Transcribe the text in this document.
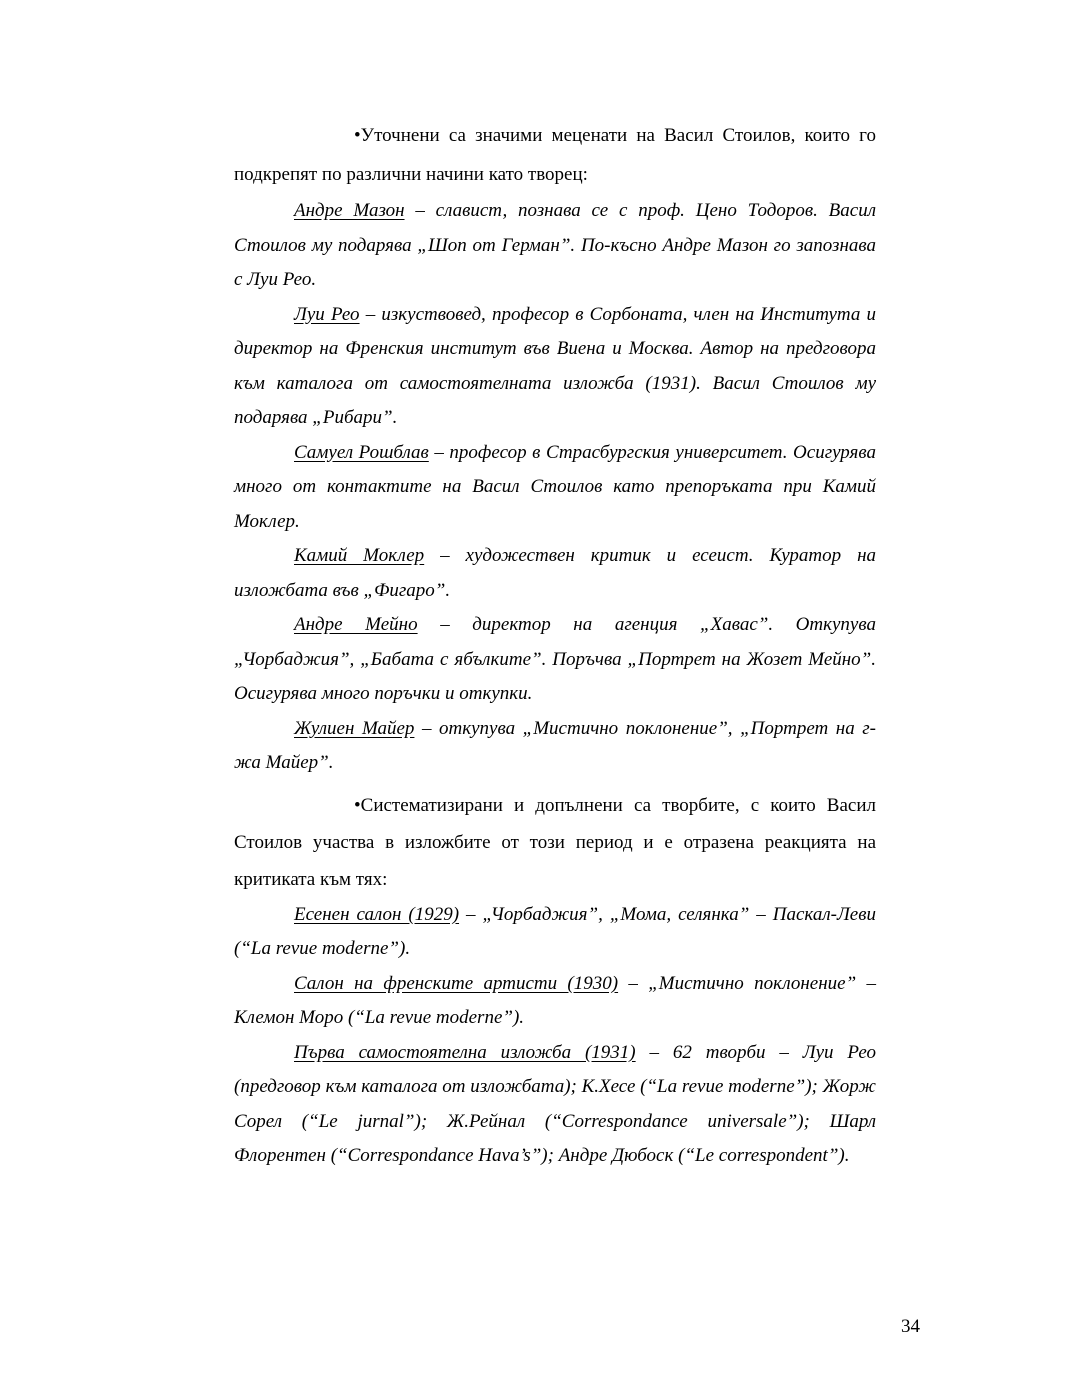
•Уточнени са значими меценати на Васил Стоилов, които го подкрепят по различни начини като творец:

Андре Мазон – славист, познава се с проф. Цено Тодоров. Васил Стоилов му подарява „Шоп от Герман”. По-късно Андре Мазон го запознава с Луи Рео.

Луи Рео – изкуствовед, професор в Сорбоната, член на Института и директор на Френския институт във Виена и Москва. Автор на предговора към каталога от самостоятелната изложба (1931). Васил Стоилов му подарява „Рибари”.

Самуел Рошблав – професор в Страсбургския университет. Осигурява много от контактите на Васил Стоилов като препоръката при Камий Моклер.

Камий Моклер – художествен критик и есеист. Куратор на изложбата във „Фигаро”.

Андре Мейно – директор на агенция „Хавас”. Откупува „Чорбаджия”, „Бабата с ябълките”. Поръчва „Портрет на Жозет Мейно”. Осигурява много поръчки и откупки.

Жулиен Майер – откупува „Мистично поклонение”, „Портрет на г-жа Майер”.

•Систематизирани и допълнени са творбите, с които Васил Стоилов участва в изложбите от този период и е отразена реакцията на критиката към тях:

Есенен салон (1929) – „Чорбаджия”, „Мома, селянка” – Паскал-Леви (“La revue moderne”).

Салон на френските артисти (1930) – „Мистично поклонение” – Клемон Моро (“La revue moderne”).

Първа самостоятелна изложба (1931) – 62 творби – Луи Рео (предговор към каталога от изложбата); К.Хесе (“La revue moderne”); Жорж Сорел (“Le jurnal”); Ж.Рейнал (“Correspondance universale”); Шарл Флорентен (“Correspondance Hava’s”); Андре Дюбоск (“Le correspondent”).

34
